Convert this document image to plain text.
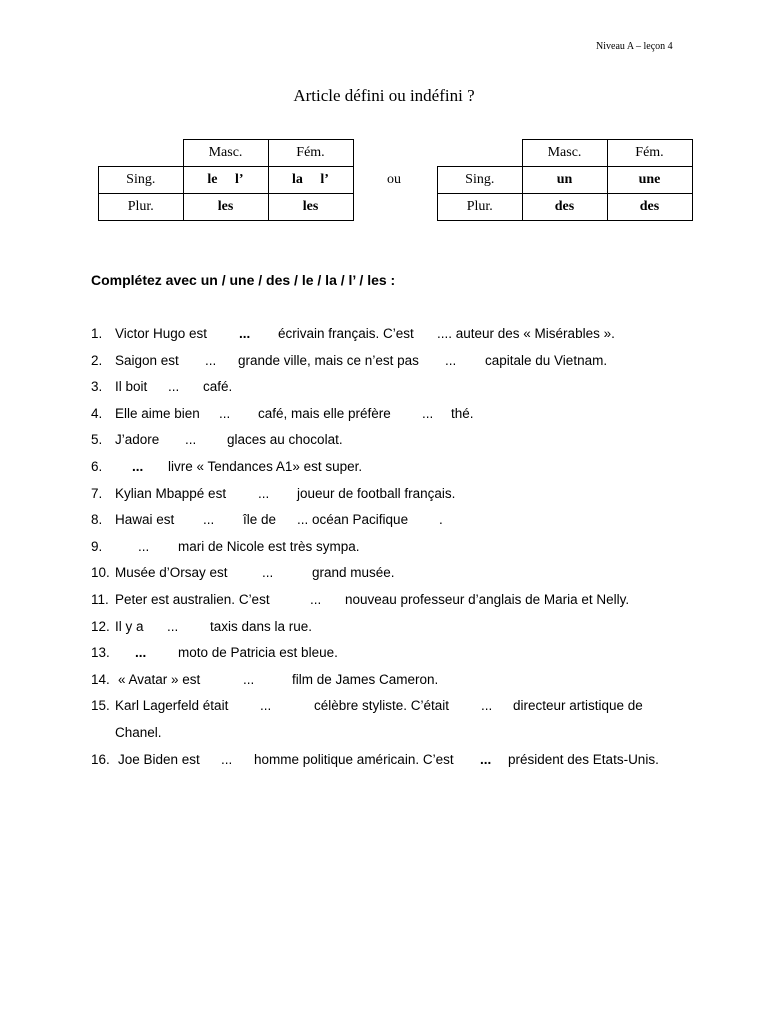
Niveau A – leçon 4
Article défini ou indéfini ?
	Masc.	Fém.
Sing.	le     l’	la     l’
Plur.	les	les
ou
	Masc.	Fém.
Sing.	un	une
Plur.	des	des
Complétez avec un / une / des / le / la / l’ / les :
1. Victor Hugo est ... écrivain français. C’est .... auteur des « Misérables ».
2. Saigon est ... grande ville, mais ce n’est pas ... capitale du Vietnam.
3. Il boit ... café.
4. Elle aime bien ... café, mais elle préfère ... thé.
5. J’adore ... glaces au chocolat.
6. ... livre « Tendances A1» est super.
7. Kylian Mbappé est ... joueur de football français.
8. Hawai est ... île de ... océan Pacifique .
9.	... mari de Nicole est très sympa.
10. Musée d’Orsay est	...	grand musée.
11. Peter est australien. C’est	... nouveau professeur d’anglais de Maria et Nelly.
12. Il y a ... taxis dans la rue.
13. ... moto de Patricia est bleue.
14. « Avatar » est	...	film de James Cameron.
15. Karl Lagerfeld était ...	célèbre styliste. C’était ... directeur artistique de
Chanel.
16. Joe Biden est ... homme politique américain. C’est ... président des Etats-Unis.
